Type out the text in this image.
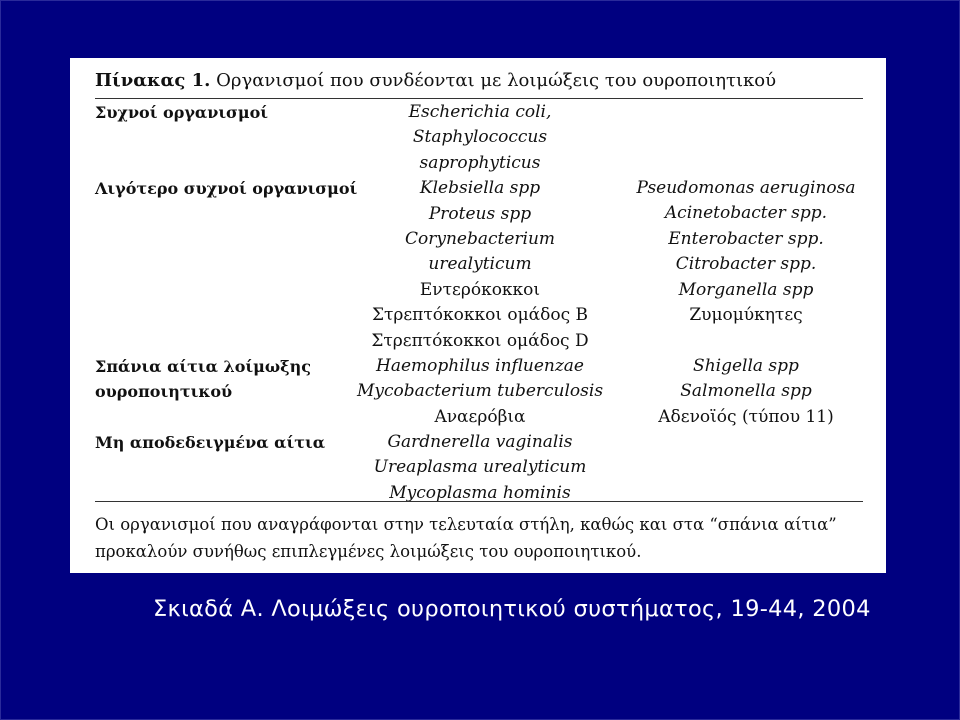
Πίνακας 1. Οργανισμοί που συνδέονται με λοιμώξεις του ουροποιητικού
Συχνοί οργανισμοί
Λιγότερο συχνοί οργανισμοί
Σπάνια αίτια λοίμωξης
ουροποιητικού
Μη αποδεδειγμένα αίτια
Escherichia coli,
Staphylococcus
saprophyticus
Klebsiella spp
Proteus spp
Corynebacterium
urealyticum
Εντερόκοκκοι
Στρεπτόκοκκοι ομάδος Β
Στρεπτόκοκκοι ομάδος D
Haemophilus influenzae
Mycobacterium tuberculosis
Αναερόβια
Gardnerella vaginalis
Ureaplasma urealyticum
Mycoplasma hominis
Pseudomonas aeruginosa
Acinetobacter spp.
Enterobacter spp.
Citrobacter spp.
Morganella spp
Ζυμομύκητες
Shigella spp
Salmonella spp
Αδενοϊός (τύπου 11)
Οι οργανισμοί που αναγράφονται στην τελευταία στήλη, καθώς και στα “σπάνια αίτια”
προκαλούν συνήθως επιπλεγμένες λοιμώξεις του ουροποιητικού.
Σκιαδά Α. Λοιμώξεις ουροποιητικού συστήματος, 19-44, 2004
